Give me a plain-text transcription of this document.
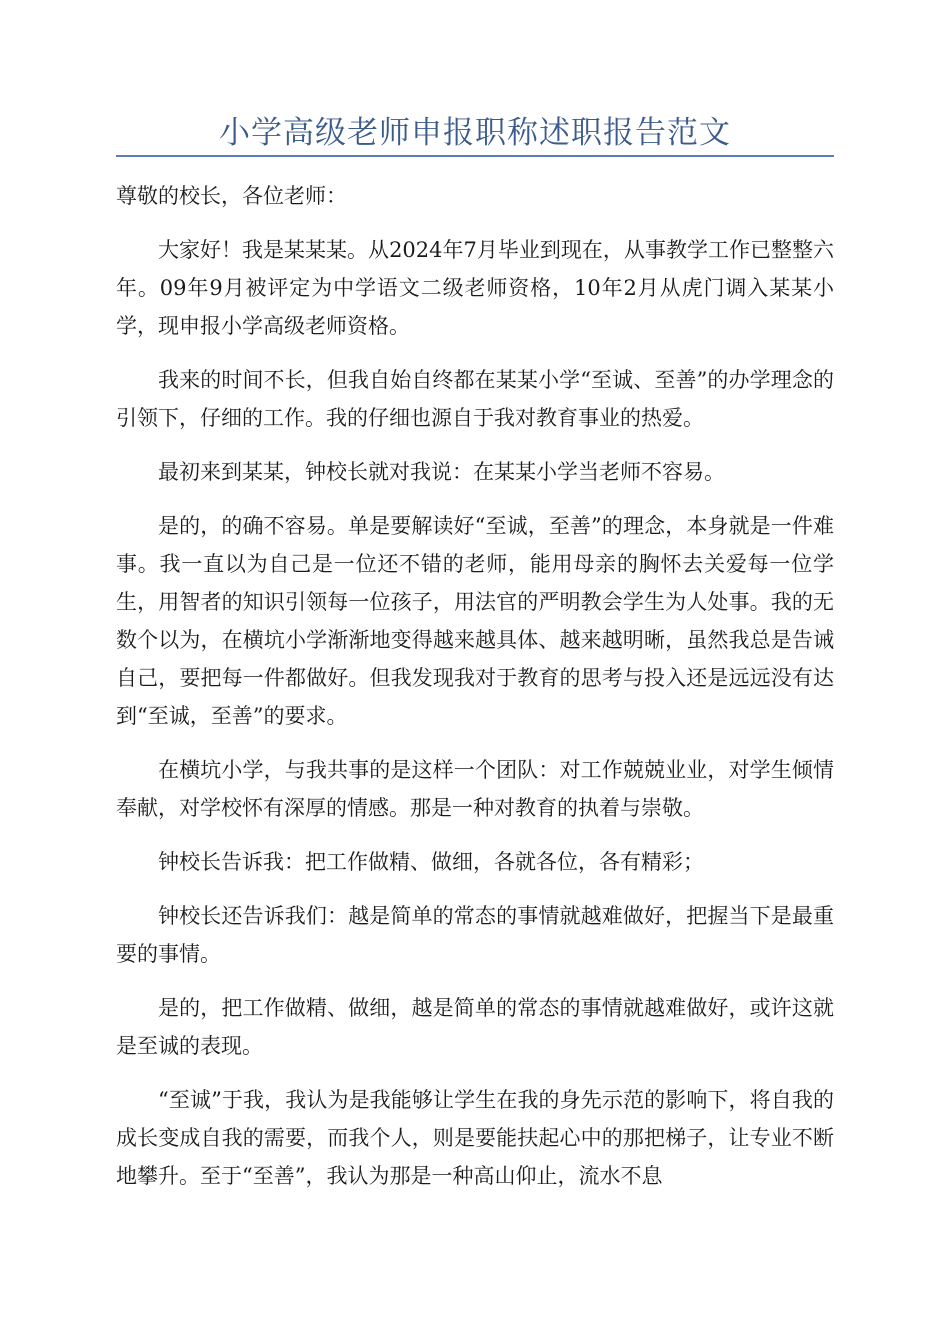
小学高级老师申报职称述职报告范文

尊敬的校长，各位老师：

大家好！我是某某某。从2024年7月毕业到现在，从事教学工作已整整六年。09年9月被评定为中学语文二级老师资格，10年2月从虎门调入某某小学，现申报小学高级老师资格。

我来的时间不长，但我自始自终都在某某小学“至诚、至善”的办学理念的引领下，仔细的工作。我的仔细也源自于我对教育事业的热爱。

最初来到某某，钟校长就对我说：在某某小学当老师不容易。

是的，的确不容易。单是要解读好“至诚，至善”的理念，本身就是一件难事。我一直以为自己是一位还不错的老师，能用母亲的胸怀去关爱每一位学生，用智者的知识引领每一位孩子，用法官的严明教会学生为人处事。我的无数个以为，在横坑小学渐渐地变得越来越具体、越来越明晰，虽然我总是告诫自己，要把每一件都做好。但我发现我对于教育的思考与投入还是远远没有达到“至诚，至善”的要求。

在横坑小学，与我共事的是这样一个团队：对工作兢兢业业，对学生倾情奉献，对学校怀有深厚的情感。那是一种对教育的执着与崇敬。

钟校长告诉我：把工作做精、做细，各就各位，各有精彩；

钟校长还告诉我们：越是简单的常态的事情就越难做好，把握当下是最重要的事情。

是的，把工作做精、做细，越是简单的常态的事情就越难做好，或许这就是至诚的表现。

“至诚”于我，我认为是我能够让学生在我的身先示范的影响下，将自我的成长变成自我的需要，而我个人，则是要能扶起心中的那把梯子，让专业不断地攀升。至于“至善”，我认为那是一种高山仰止，流水不息
